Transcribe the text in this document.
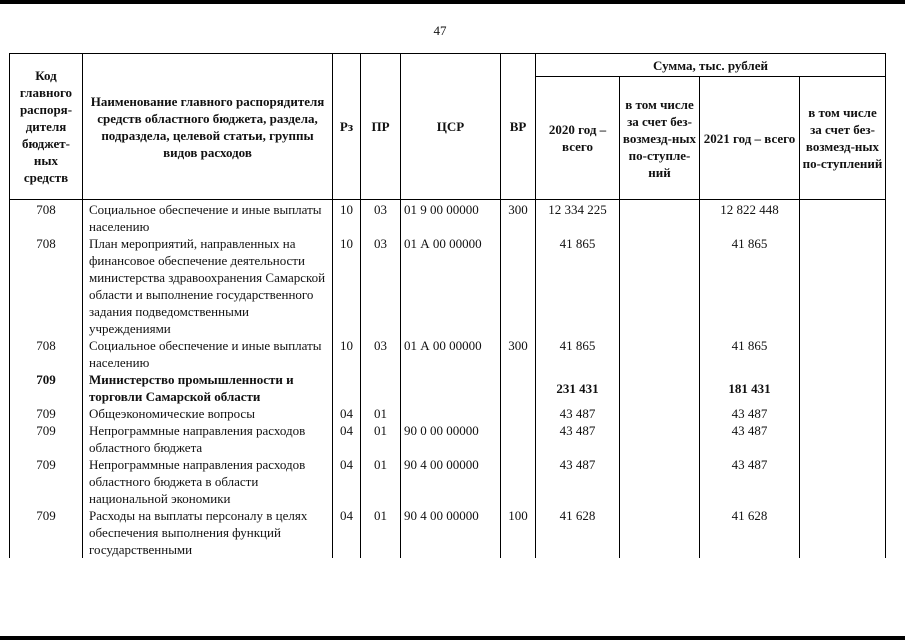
47
Код главного распоря-дителя бюджет-ных средств	Наименование главного распорядителя средств областного бюджета, раздела, подраздела, целевой статьи, группы видов расходов	Рз	ПР	ЦСР	ВР	Сумма, тыс. рублей			
						2020 год – всего	в том числе за счет без-возмезд-ных по-ступле-ний	2021 год – всего	в том числе за счет без-возмезд-ных по-ступлений
708	Социальное обеспечение и иные выплаты населению	10	03	01 9 00 00000	300	12 334 225		12 822 448	
708	План мероприятий, направленных на финансовое обеспечение деятельности министерства здравоохранения Самарской области и выполнение государственного задания подведомственными учреждениями	10	03	01 А 00 00000		41 865		41 865	
708	Социальное обеспечение и иные выплаты населению	10	03	01 А 00 00000	300	41 865		41 865	
709	Министерство промышленности и торговли Самарской области					231 431		181 431	
709	Общеэкономические вопросы	04	01			43 487		43 487	
709	Непрограммные направления расходов областного бюджета	04	01	90 0 00 00000		43 487		43 487	
709	Непрограммные направления расходов областного бюджета в области национальной экономики	04	01	90 4 00 00000		43 487		43 487	
709	Расходы на выплаты персоналу в целях обеспечения выполнения функций государственными	04	01	90 4 00 00000	100	41 628		41 628	
